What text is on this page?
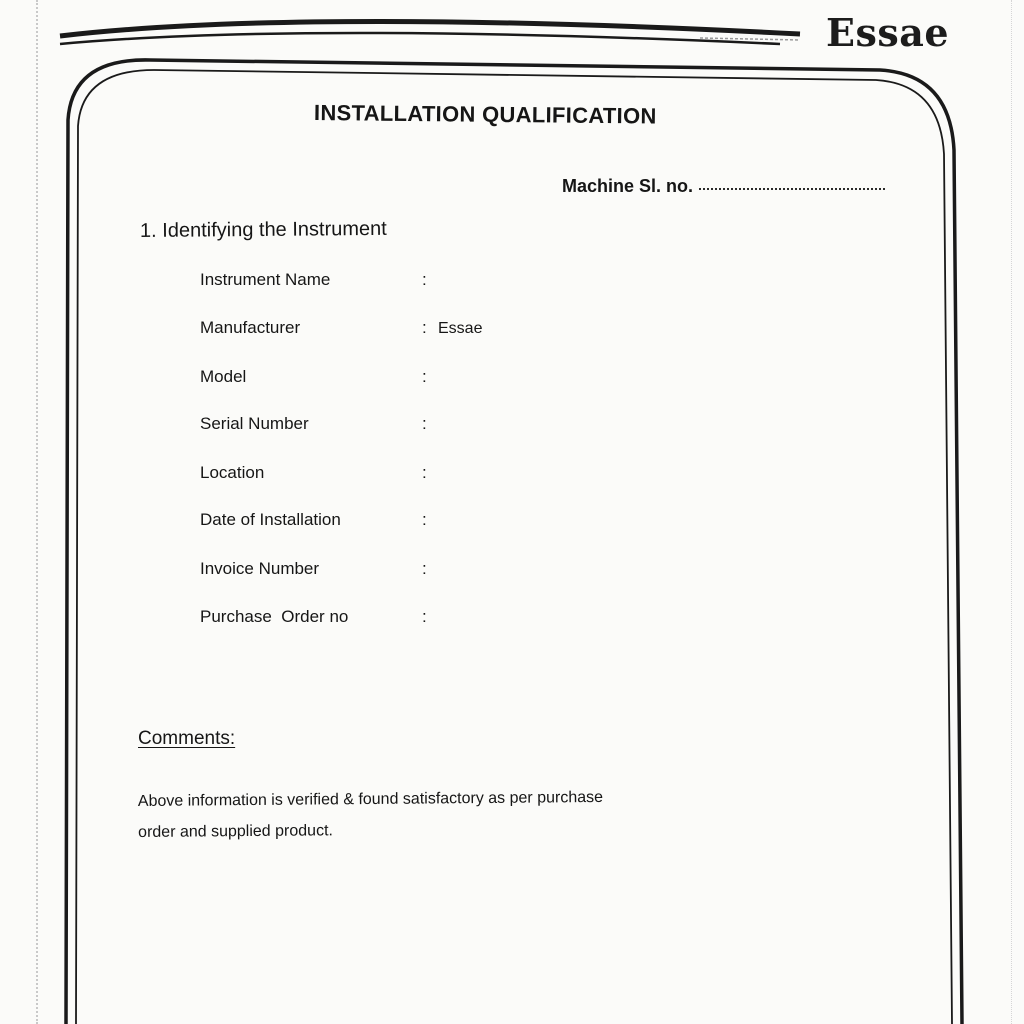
Essae
INSTALLATION QUALIFICATION
Machine Sl. no.
1. Identifying the Instrument
Instrument Name	:
Manufacturer	: Essae
Model	:
Serial Number	:
Location	:
Date of Installation	:
Invoice Number	:
Purchase  Order no	:
Comments:
Above information is verified & found satisfactory as per purchase
order and supplied product.
